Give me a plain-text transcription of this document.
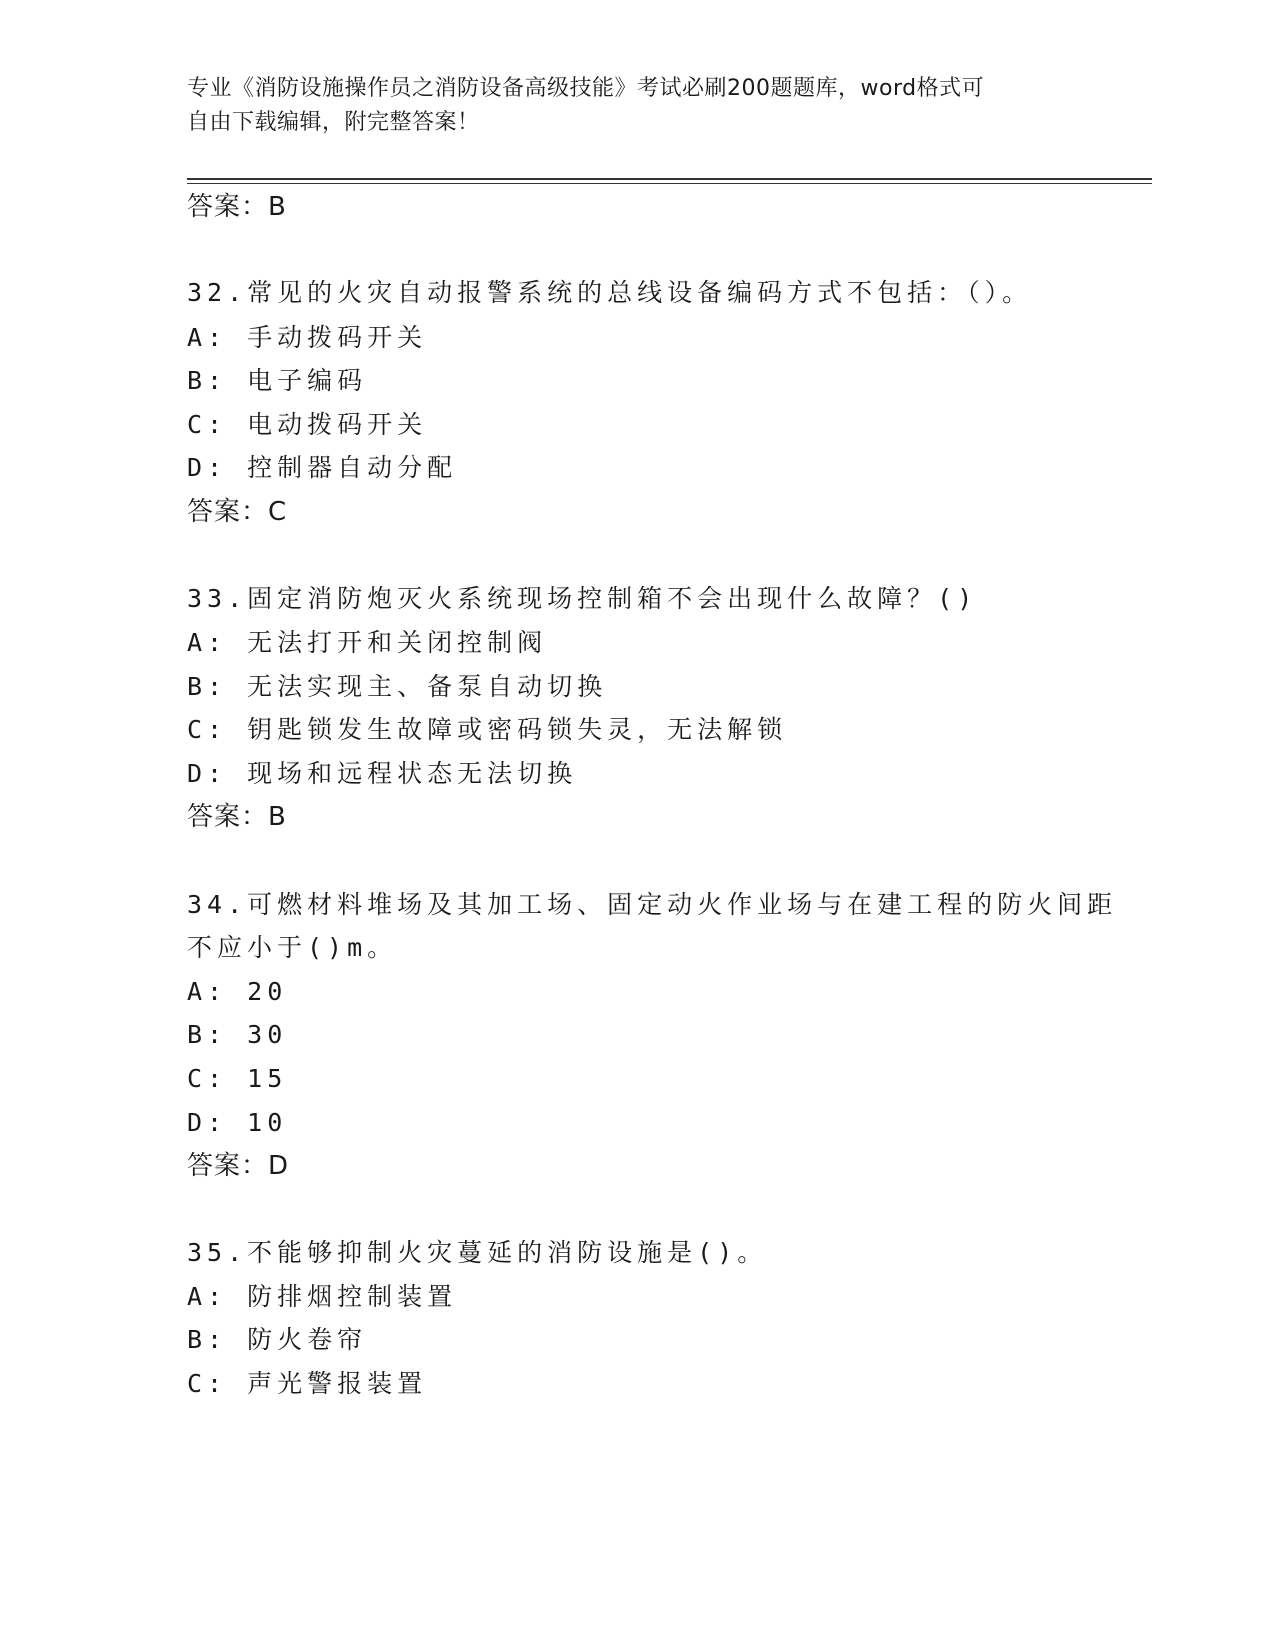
专业《消防设施操作员之消防设备高级技能》考试必刷200题题库，word格式可
自由下载编辑，附完整答案！
答案：B
32.常见的火灾自动报警系统的总线设备编码方式不包括：（）。
A: 手动拨码开关
B: 电子编码
C: 电动拨码开关
D: 控制器自动分配
答案：C
33.固定消防炮灭火系统现场控制箱不会出现什么故障？()
A: 无法打开和关闭控制阀
B: 无法实现主、备泵自动切换
C: 钥匙锁发生故障或密码锁失灵，无法解锁
D: 现场和远程状态无法切换
答案：B
34.可燃材料堆场及其加工场、固定动火作业场与在建工程的防火间距
不应小于()m。
A: 20
B: 30
C: 15
D: 10
答案：D
35.不能够抑制火灾蔓延的消防设施是()。
A: 防排烟控制装置
B: 防火卷帘
C: 声光警报装置
